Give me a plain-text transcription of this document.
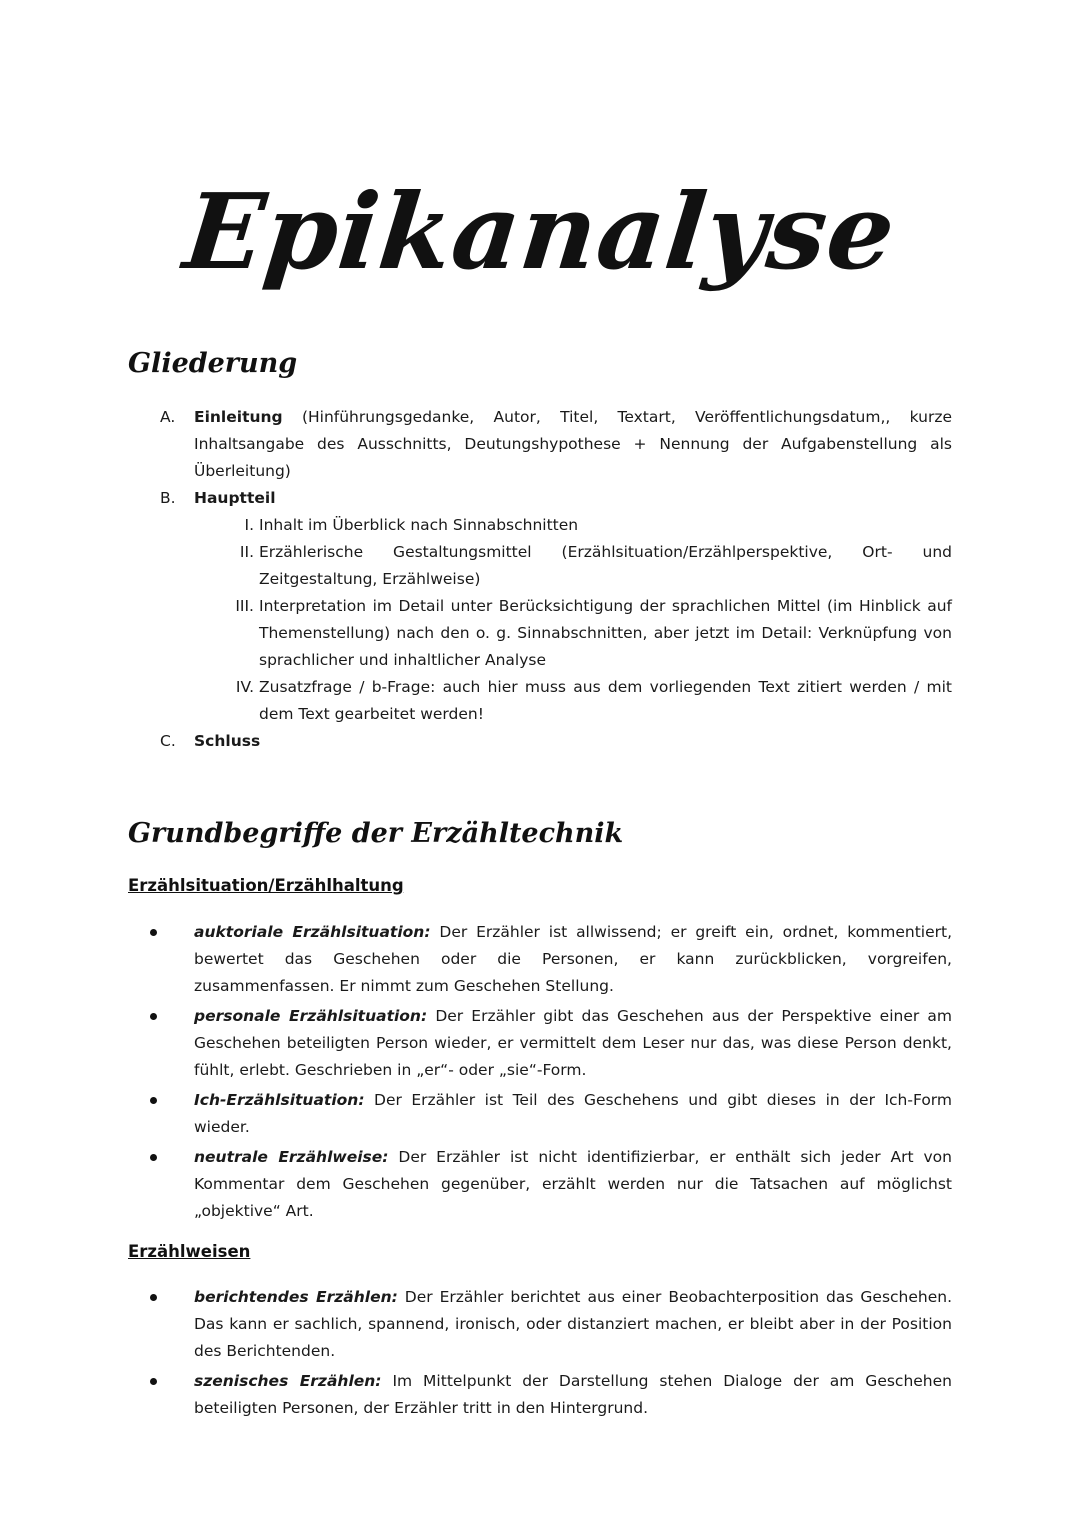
Epikanalyse
Gliederung
A. Einleitung (Hinführungsgedanke, Autor, Titel, Textart, Veröffentlichungsdatum,, kurze Inhaltsangabe des Ausschnitts, Deutungshypothese + Nennung der Aufgabenstellung als Überleitung)
B. Hauptteil
I. Inhalt im Überblick nach Sinnabschnitten
II. Erzählerische Gestaltungsmittel (Erzählsituation/Erzählperspektive, Ort- und Zeitgestaltung, Erzählweise)
III. Interpretation im Detail unter Berücksichtigung der sprachlichen Mittel (im Hinblick auf Themenstellung) nach den o. g. Sinnabschnitten, aber jetzt im Detail: Verknüpfung von sprachlicher und inhaltlicher Analyse
IV. Zusatzfrage / b-Frage: auch hier muss aus dem vorliegenden Text zitiert werden / mit dem Text gearbeitet werden!
C. Schluss
Grundbegriffe der Erzähltechnik
Erzählsituation/Erzählhaltung
auktoriale Erzählsituation: Der Erzähler ist allwissend; er greift ein, ordnet, kommentiert, bewertet das Geschehen oder die Personen, er kann zurückblicken, vorgreifen, zusammenfassen. Er nimmt zum Geschehen Stellung.
personale Erzählsituation: Der Erzähler gibt das Geschehen aus der Perspektive einer am Geschehen beteiligten Person wieder, er vermittelt dem Leser nur das, was diese Person denkt, fühlt, erlebt. Geschrieben in „er“- oder „sie“-Form.
Ich-Erzählsituation: Der Erzähler ist Teil des Geschehens und gibt dieses in der Ich-Form wieder.
neutrale Erzählweise: Der Erzähler ist nicht identifizierbar, er enthält sich jeder Art von Kommentar dem Geschehen gegenüber, erzählt werden nur die Tatsachen auf möglichst „objektive“ Art.
Erzählweisen
berichtendes Erzählen: Der Erzähler berichtet aus einer Beobachterposition das Geschehen. Das kann er sachlich, spannend, ironisch, oder distanziert machen, er bleibt aber in der Position des Berichtenden.
szenisches Erzählen: Im Mittelpunkt der Darstellung stehen Dialoge der am Geschehen beteiligten Personen, der Erzähler tritt in den Hintergrund.
